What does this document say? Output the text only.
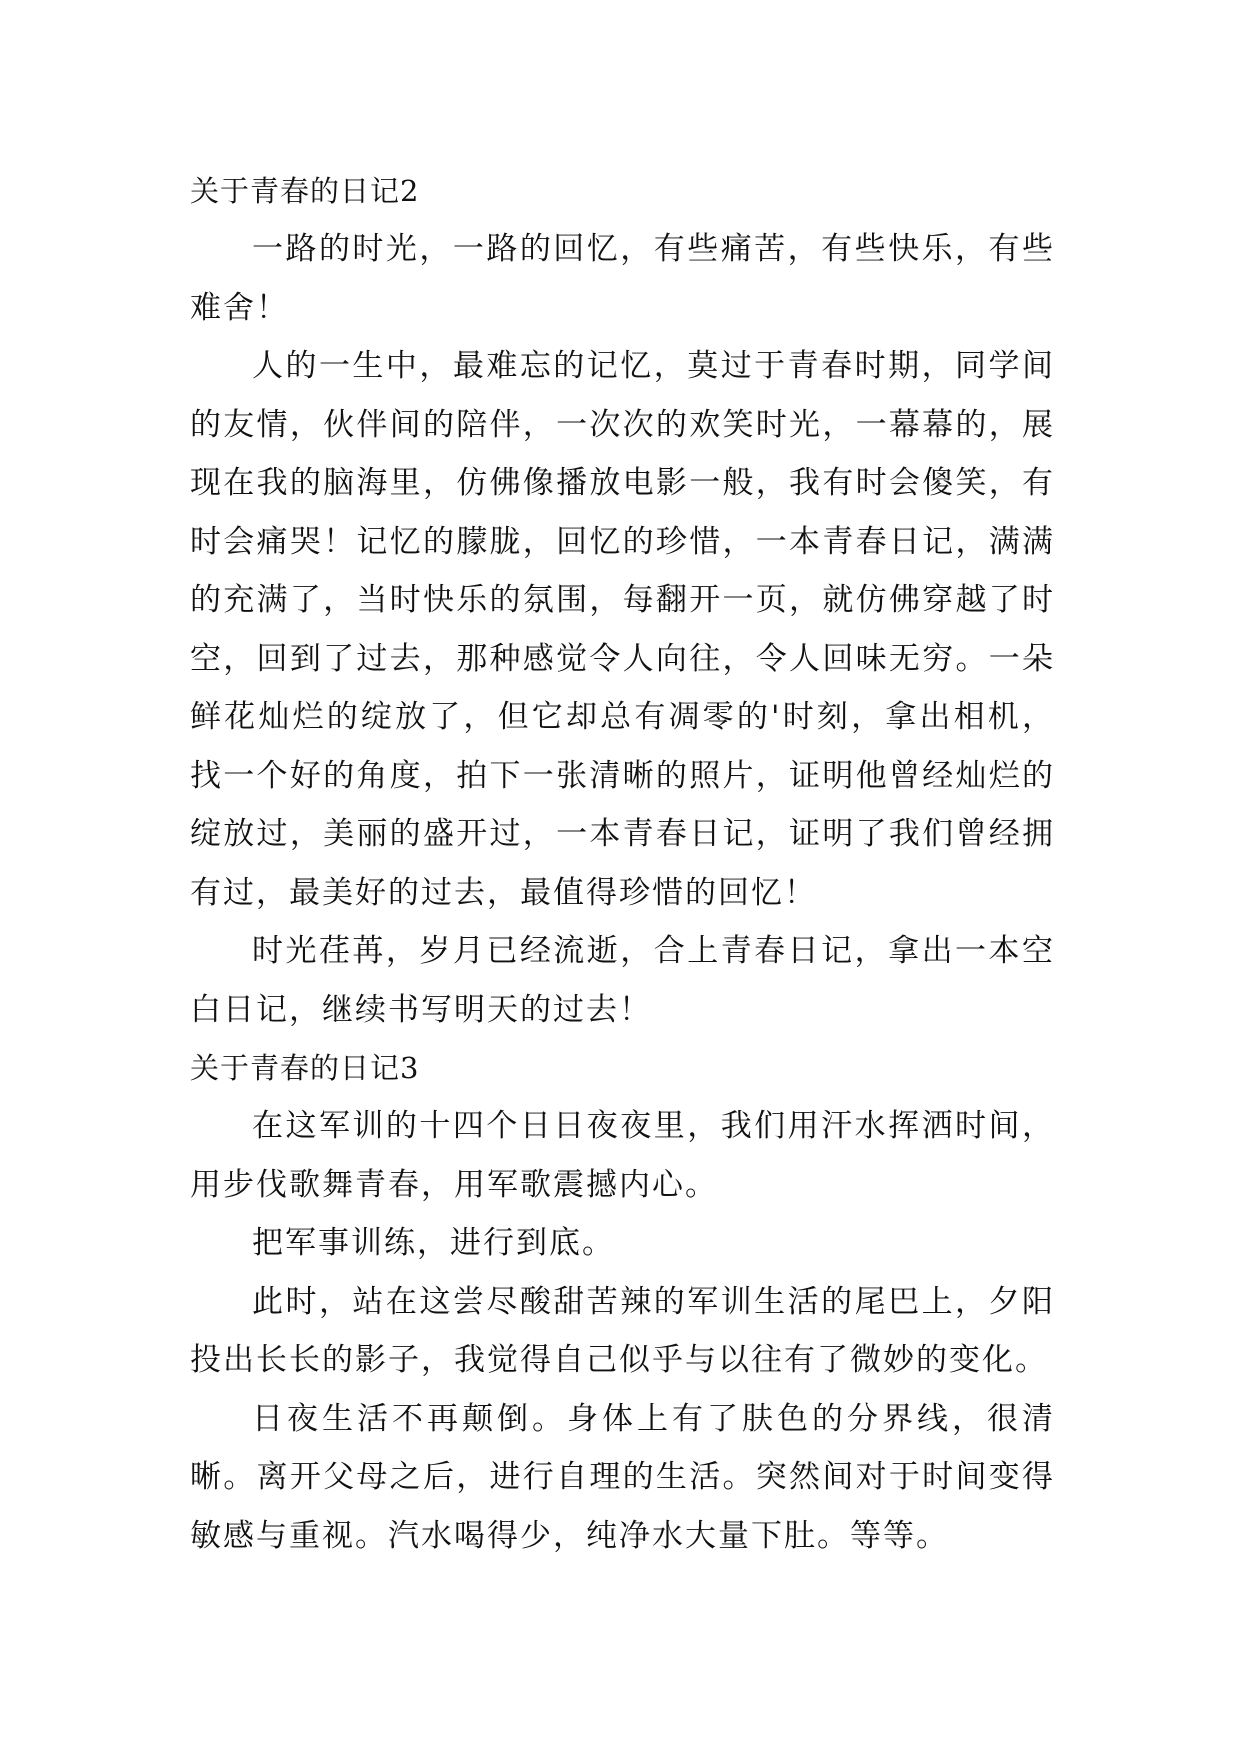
关于青春的日记2

一路的时光，一路的回忆，有些痛苦，有些快乐，有些难舍！

人的一生中，最难忘的记忆，莫过于青春时期，同学间的友情，伙伴间的陪伴，一次次的欢笑时光，一幕幕的，展现在我的脑海里，仿佛像播放电影一般，我有时会傻笑，有时会痛哭！记忆的朦胧，回忆的珍惜，一本青春日记，满满的充满了，当时快乐的氛围，每翻开一页，就仿佛穿越了时空，回到了过去，那种感觉令人向往，令人回味无穷。一朵鲜花灿烂的绽放了，但它却总有凋零的'时刻，拿出相机，找一个好的角度，拍下一张清晰的照片，证明他曾经灿烂的绽放过，美丽的盛开过，一本青春日记，证明了我们曾经拥有过，最美好的过去，最值得珍惜的回忆！

时光荏苒，岁月已经流逝，合上青春日记，拿出一本空白日记，继续书写明天的过去！

关于青春的日记3

在这军训的十四个日日夜夜里，我们用汗水挥洒时间，用步伐歌舞青春，用军歌震撼内心。

把军事训练，进行到底。

此时，站在这尝尽酸甜苦辣的军训生活的尾巴上，夕阳投出长长的影子，我觉得自己似乎与以往有了微妙的变化。

日夜生活不再颠倒。身体上有了肤色的分界线，很清晰。离开父母之后，进行自理的生活。突然间对于时间变得敏感与重视。汽水喝得少，纯净水大量下肚。等等。
